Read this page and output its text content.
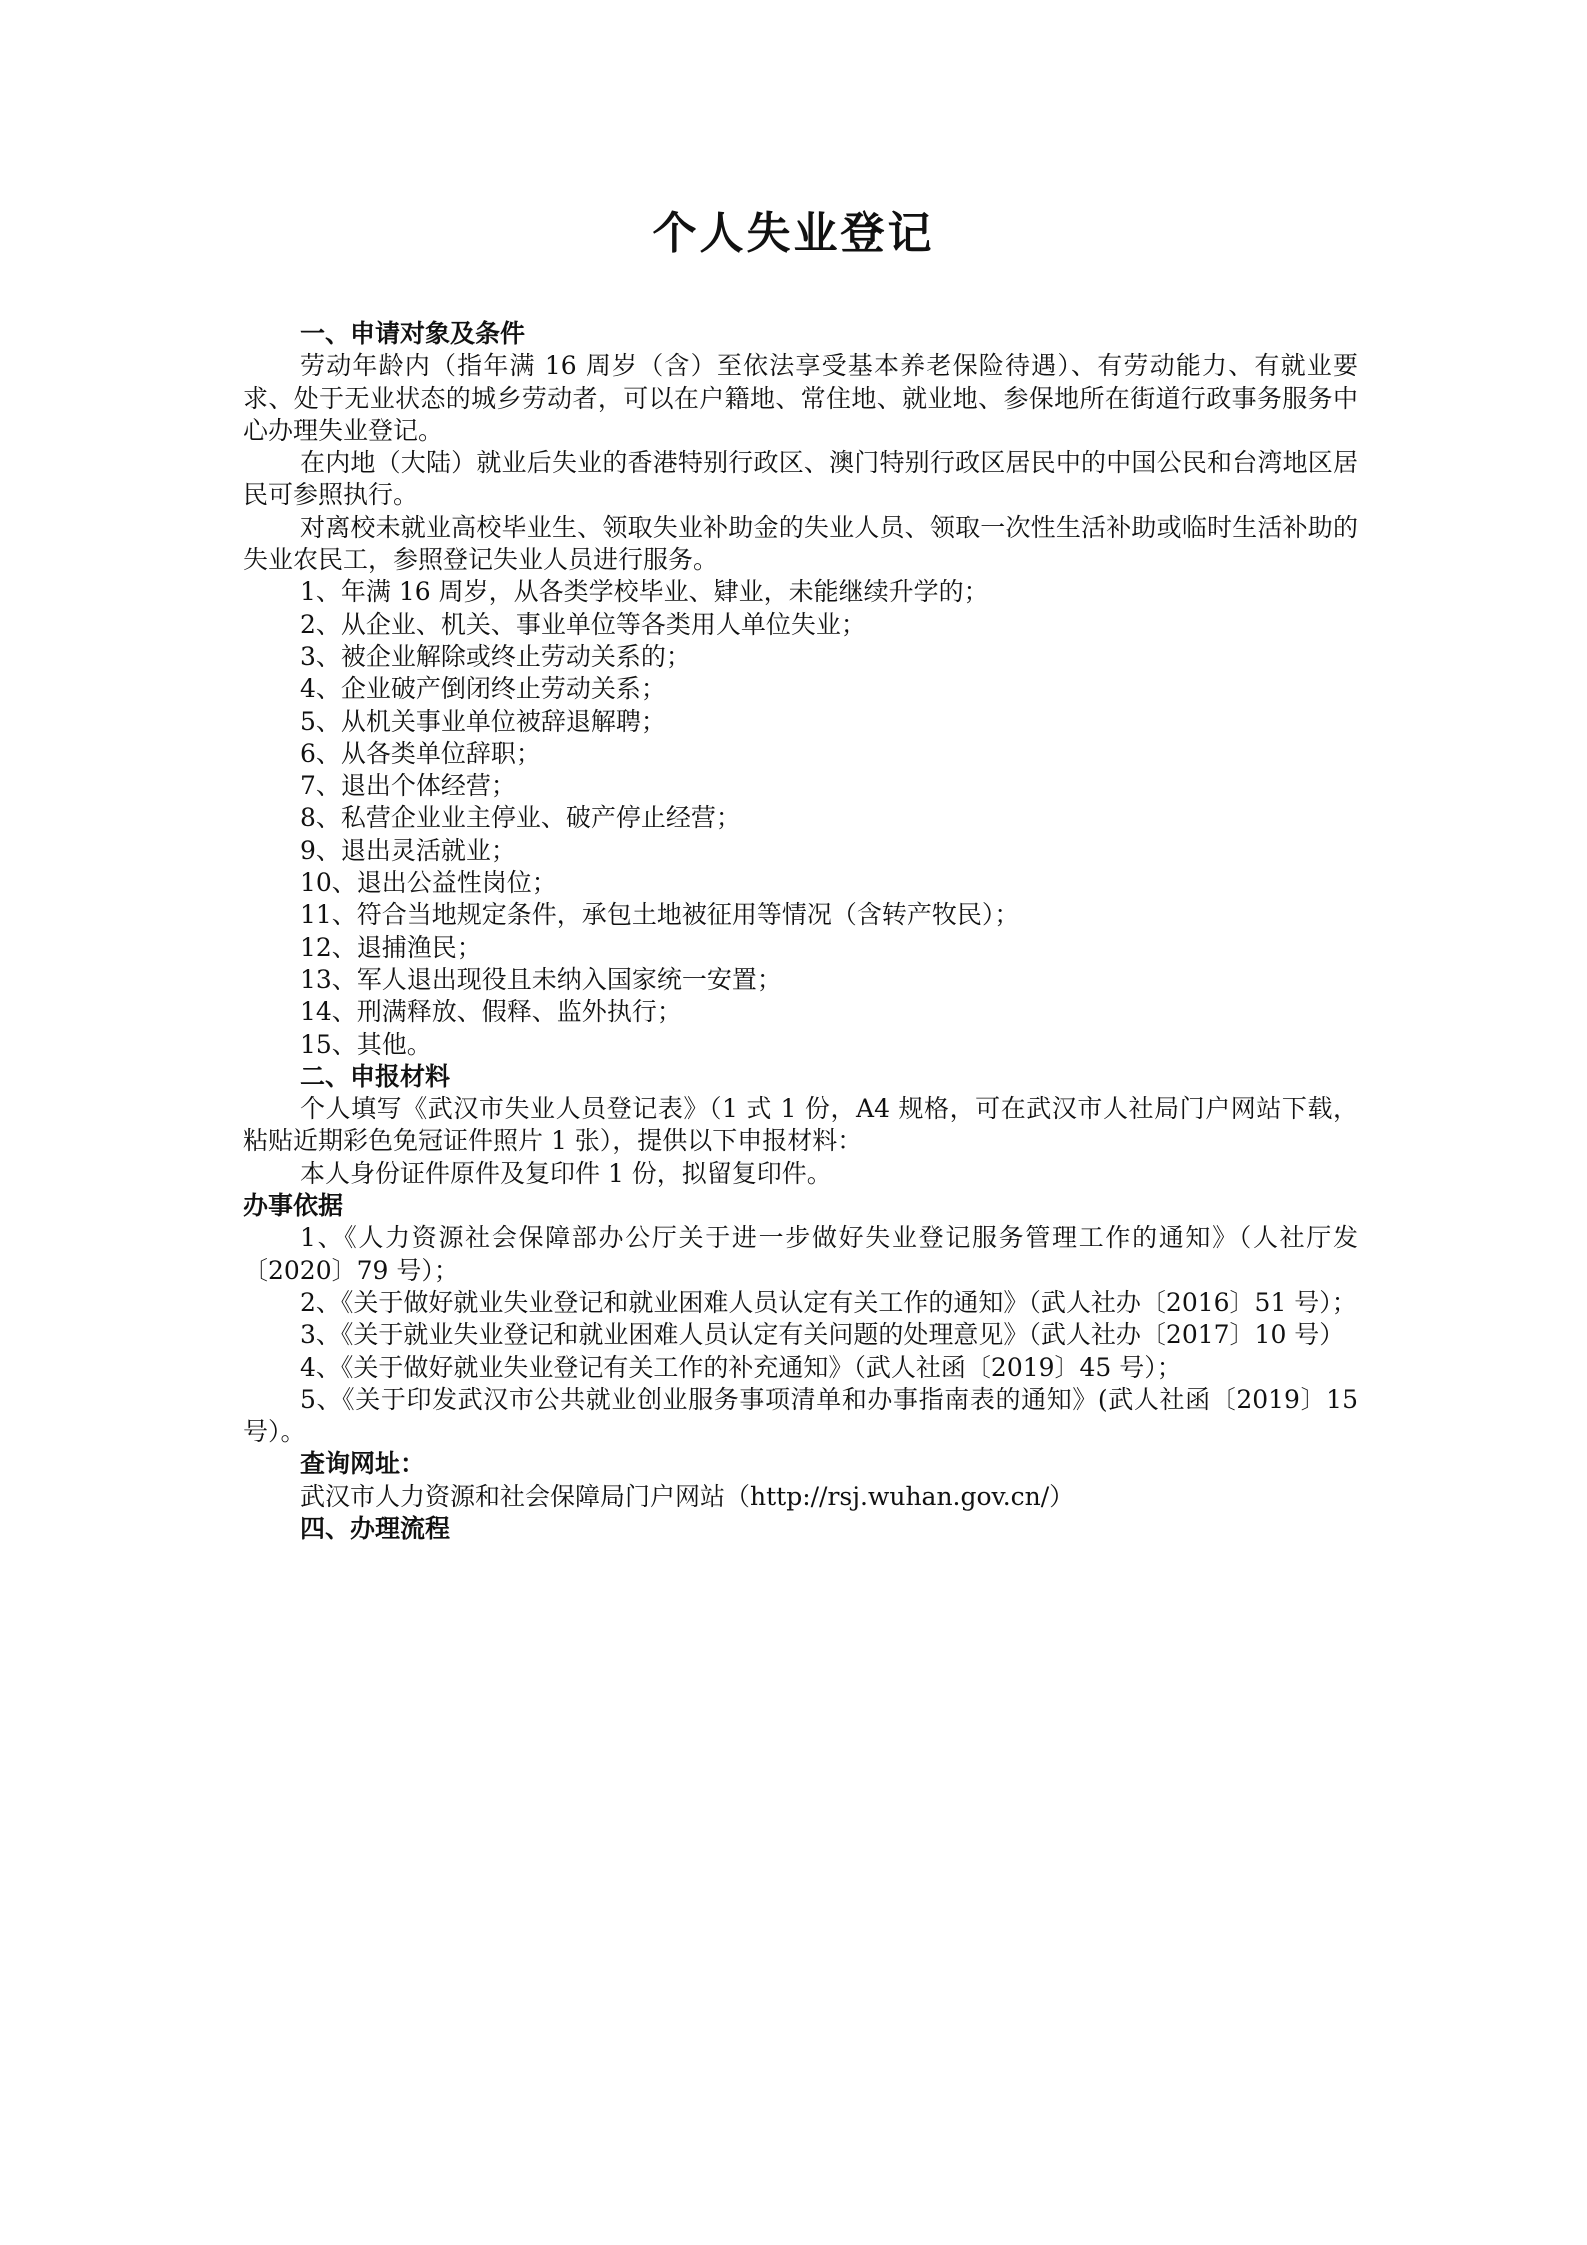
个人失业登记

一、申请对象及条件

劳动年龄内（指年满 16 周岁（含）至依法享受基本养老保险待遇）、有劳动能力、有就业要求、处于无业状态的城乡劳动者，可以在户籍地、常住地、就业地、参保地所在街道行政事务服务中心办理失业登记。

在内地（大陆）就业后失业的香港特别行政区、澳门特别行政区居民中的中国公民和台湾地区居民可参照执行。

对离校未就业高校毕业生、领取失业补助金的失业人员、领取一次性生活补助或临时生活补助的失业农民工，参照登记失业人员进行服务。

1、年满 16 周岁，从各类学校毕业、肄业，未能继续升学的；

2、从企业、机关、事业单位等各类用人单位失业；

3、被企业解除或终止劳动关系的；

4、企业破产倒闭终止劳动关系；

5、从机关事业单位被辞退解聘；

6、从各类单位辞职；

7、退出个体经营；

8、私营企业业主停业、破产停止经营；

9、退出灵活就业；

10、退出公益性岗位；

11、符合当地规定条件，承包土地被征用等情况（含转产牧民）；

12、退捕渔民；

13、军人退出现役且未纳入国家统一安置；

14、刑满释放、假释、监外执行；

15、其他。

二、申报材料

个人填写《武汉市失业人员登记表》（1 式 1 份，A4 规格，可在武汉市人社局门户网站下载，粘贴近期彩色免冠证件照片 1 张），提供以下申报材料：

本人身份证件原件及复印件 1 份，拟留复印件。

办事依据

1、《人力资源社会保障部办公厅关于进一步做好失业登记服务管理工作的通知》（人社厅发〔2020〕79 号）；

2、《关于做好就业失业登记和就业困难人员认定有关工作的通知》（武人社办〔2016〕51 号）；

3、《关于就业失业登记和就业困难人员认定有关问题的处理意见》（武人社办〔2017〕10 号）

4、《关于做好就业失业登记有关工作的补充通知》（武人社函〔2019〕45 号）；

5、《关于印发武汉市公共就业创业服务事项清单和办事指南表的通知》(武人社函〔2019〕15 号）。

查询网址：

武汉市人力资源和社会保障局门户网站（http://rsj.wuhan.gov.cn/）

四、办理流程
